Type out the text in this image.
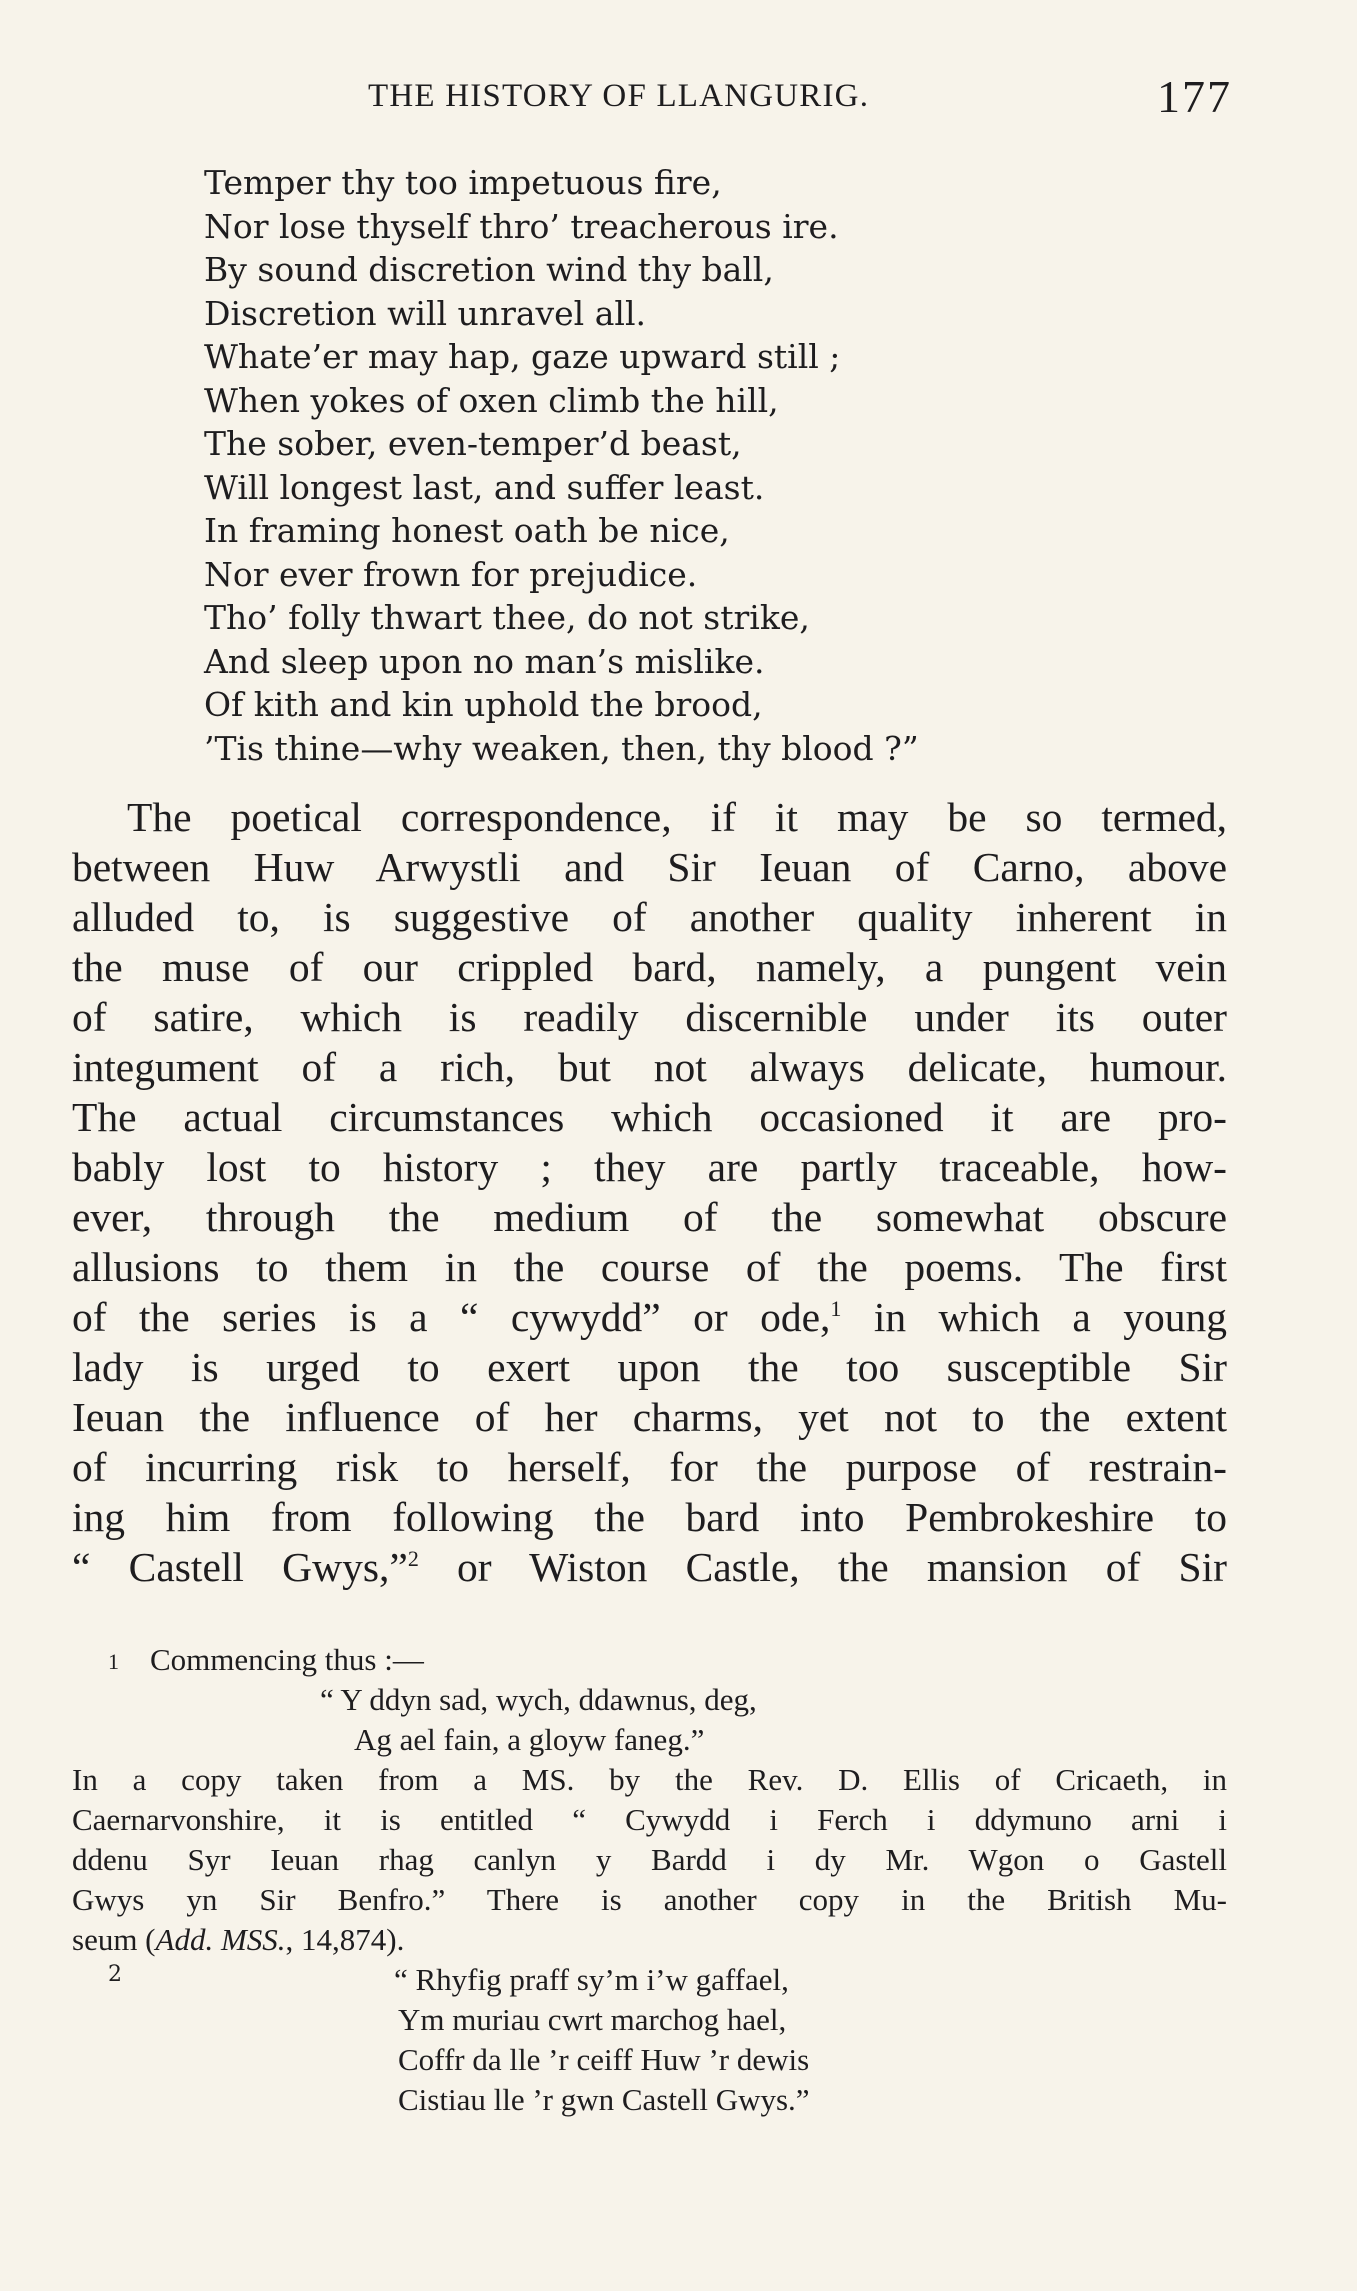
THE HISTORY OF LLANGURIG.	177
Temper thy too impetuous fire,
Nor lose thyself thro’ treacherous ire.
By sound discretion wind thy ball,
Discretion will unravel all.
Whate’er may hap, gaze upward still ;
When yokes of oxen climb the hill,
The sober, even-temper’d beast,
Will longest last, and suffer least.
In framing honest oath be nice,
Nor ever frown for prejudice.
Tho’ folly thwart thee, do not strike,
And sleep upon no man’s mislike.
Of kith and kin uphold the brood,
’Tis thine—why weaken, then, thy blood ?”
The poetical correspondence, if it may be so termed,
between Huw Arwystli and Sir Ieuan of Carno, above
alluded to, is suggestive of another quality inherent in
the muse of our crippled bard, namely, a pungent vein
of satire, which is readily discernible under its outer
integument of a rich, but not always delicate, humour.
The actual circumstances which occasioned it are pro-
bably lost to history ; they are partly traceable, how-
ever, through the medium of the somewhat obscure
allusions to them in the course of the poems. The first
of the series is a “ cywydd” or ode,$^1$ in which a young
lady is urged to exert upon the too susceptible Sir
Ieuan the influence of her charms, yet not to the extent
of incurring risk to herself, for the purpose of restrain-
ing him from following the bard into Pembrokeshire to
“ Castell Gwys,”$^2$ or Wiston Castle, the mansion of Sir
1 Commencing thus :—
“ Y ddyn sad, wych, ddawnus, deg,
Ag ael fain, a gloyw faneg.”
In a copy taken from a MS. by the Rev. D. Ellis of Cricaeth, in
Caernarvonshire, it is entitled “ Cywydd i Ferch i ddymuno arni i
ddenu Syr Ieuan rhag canlyn y Bardd i dy Mr. Wgon o Gastell
Gwys yn Sir Benfro.” There is another copy in the British Mu-
seum (Add. MSS., 14,874).
2	“ Rhyfig praff sy’m i’w gaffael,
Ym muriau cwrt marchog hael,
Coffr da lle ’r ceiff Huw ’r dewis
Cistiau lle ’r gwn Castell Gwys.”
